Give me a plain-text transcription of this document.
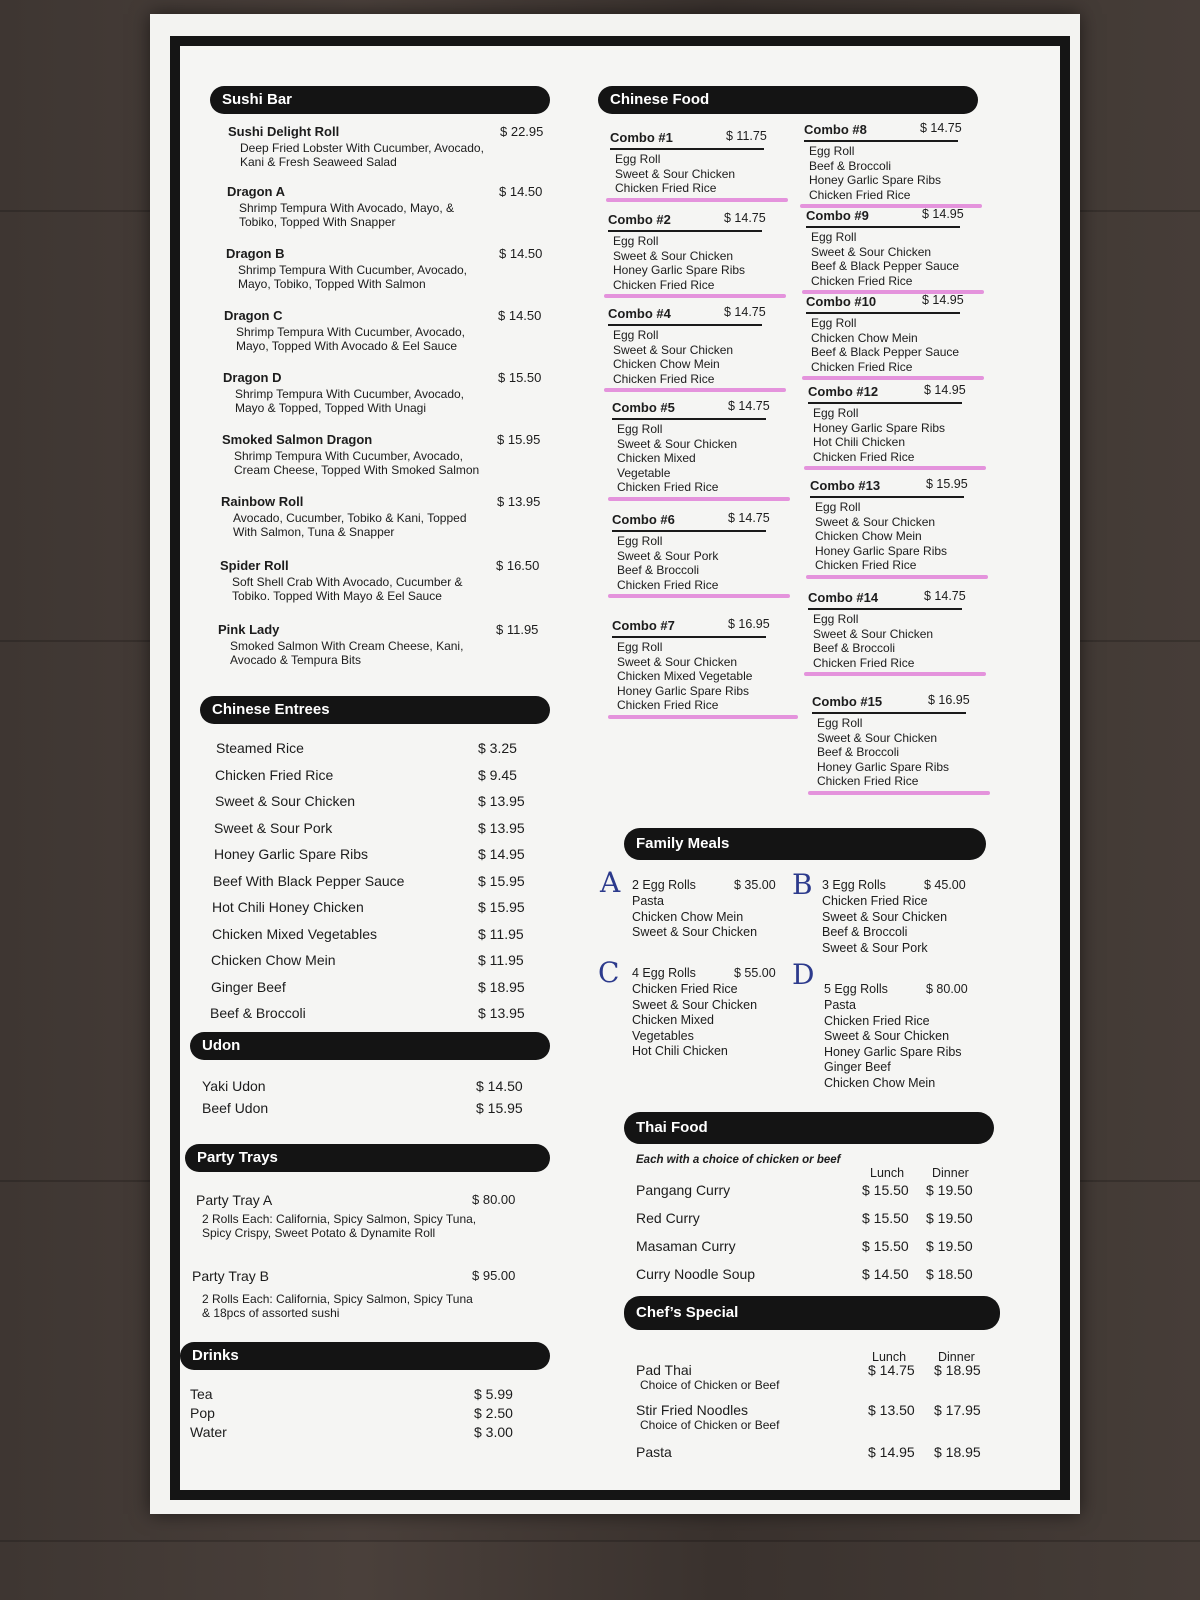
Sushi Bar
Sushi Delight Roll	$ 22.95
Deep Fried Lobster With Cucumber, Avocado, Kani & Fresh Seaweed Salad
Dragon A	$ 14.50
Shrimp Tempura With Avocado, Mayo, & Tobiko, Topped With Snapper
Dragon B	$ 14.50
Shrimp Tempura With Cucumber, Avocado, Mayo, Tobiko, Topped With Salmon
Dragon C	$ 14.50
Shrimp Tempura With Cucumber, Avocado, Mayo, Topped With Avocado & Eel Sauce
Dragon D	$ 15.50
Shrimp Tempura With Cucumber, Avocado, Mayo & Topped, Topped With Unagi
Smoked Salmon Dragon	$ 15.95
Shrimp Tempura With Cucumber, Avocado, Cream Cheese, Topped With Smoked Salmon
Rainbow Roll	$ 13.95
Avocado, Cucumber, Tobiko & Kani, Topped With Salmon, Tuna & Snapper
Spider Roll	$ 16.50
Soft Shell Crab With Avocado, Cucumber & Tobiko. Topped With Mayo & Eel Sauce
Pink Lady	$ 11.95
Smoked Salmon With Cream Cheese, Kani, Avocado & Tempura Bits
Chinese Entrees
Steamed Rice	$ 3.25
Chicken Fried Rice	$ 9.45
Sweet & Sour Chicken	$ 13.95
Sweet & Sour Pork	$ 13.95
Honey Garlic Spare Ribs	$ 14.95
Beef With Black Pepper Sauce	$ 15.95
Hot Chili Honey Chicken	$ 15.95
Chicken Mixed Vegetables	$ 11.95
Chicken Chow Mein	$ 11.95
Ginger Beef	$ 18.95
Beef & Broccoli	$ 13.95
Udon
Yaki Udon	$ 14.50
Beef Udon	$ 15.95
Party Trays
Party Tray A	$ 80.00
2 Rolls Each: California, Spicy Salmon, Spicy Tuna, Spicy Crispy, Sweet Potato & Dynamite Roll
Party Tray B	$ 95.00
2 Rolls Each: California, Spicy Salmon, Spicy Tuna & 18pcs of assorted sushi
Drinks
Tea	$ 5.99
Pop	$ 2.50
Water	$ 3.00
Chinese Food
Combo #1	$ 11.75
Egg Roll
Sweet & Sour Chicken
Chicken Fried Rice
Combo #2	$ 14.75
Egg Roll
Sweet & Sour Chicken
Honey Garlic Spare Ribs
Chicken Fried Rice
Combo #4	$ 14.75
Egg Roll
Sweet & Sour Chicken
Chicken Chow Mein
Chicken Fried Rice
Combo #5	$ 14.75
Egg Roll
Sweet & Sour Chicken
Chicken Mixed
Vegetable
Chicken Fried Rice
Combo #6	$ 14.75
Egg Roll
Sweet & Sour Pork
Beef & Broccoli
Chicken Fried Rice
Combo #7	$ 16.95
Egg Roll
Sweet & Sour Chicken
Chicken Mixed Vegetable
Honey Garlic Spare Ribs
Chicken Fried Rice
Combo #8	$ 14.75
Egg Roll
Beef & Broccoli
Honey Garlic Spare Ribs
Chicken Fried Rice
Combo #9	$ 14.95
Egg Roll
Sweet & Sour Chicken
Beef & Black Pepper Sauce
Chicken Fried Rice
Combo #10	$ 14.95
Egg Roll
Chicken Chow Mein
Beef & Black Pepper Sauce
Chicken Fried Rice
Combo #12	$ 14.95
Egg Roll
Honey Garlic Spare Ribs
Hot Chili Chicken
Chicken Fried Rice
Combo #13	$ 15.95
Egg Roll
Sweet & Sour Chicken
Chicken Chow Mein
Honey Garlic Spare Ribs
Chicken Fried Rice
Combo #14	$ 14.75
Egg Roll
Sweet & Sour Chicken
Beef & Broccoli
Chicken Fried Rice
Combo #15	$ 16.95
Egg Roll
Sweet & Sour Chicken
Beef & Broccoli
Honey Garlic Spare Ribs
Chicken Fried Rice
Family Meals
A 2 Egg Rolls	$ 35.00
Pasta
Chicken Chow Mein
Sweet & Sour Chicken
B 3 Egg Rolls	$ 45.00
Chicken Fried Rice
Sweet & Sour Chicken
Beef & Broccoli
Sweet & Sour Pork
C 4 Egg Rolls	$ 55.00
Chicken Fried Rice
Sweet & Sour Chicken
Chicken Mixed
Vegetables
Hot Chili Chicken
D 5 Egg Rolls	$ 80.00
Pasta
Chicken Fried Rice
Sweet & Sour Chicken
Honey Garlic Spare Ribs
Ginger Beef
Chicken Chow Mein
Thai Food
Each with a choice of chicken or beef
Lunch Dinner
Pangang Curry	$ 15.50 $ 19.50
Red Curry	$ 15.50 $ 19.50
Masaman Curry	$ 15.50 $ 19.50
Curry Noodle Soup	$ 14.50 $ 18.50
Chef’s Special
Lunch	Dinner
Pad Thai
Choice of Chicken or Beef
$ 14.75 $ 18.95
Stir Fried Noodles
Choice of Chicken or Beef
$ 13.50 $ 17.95
Pasta	$ 14.95 $ 18.95
